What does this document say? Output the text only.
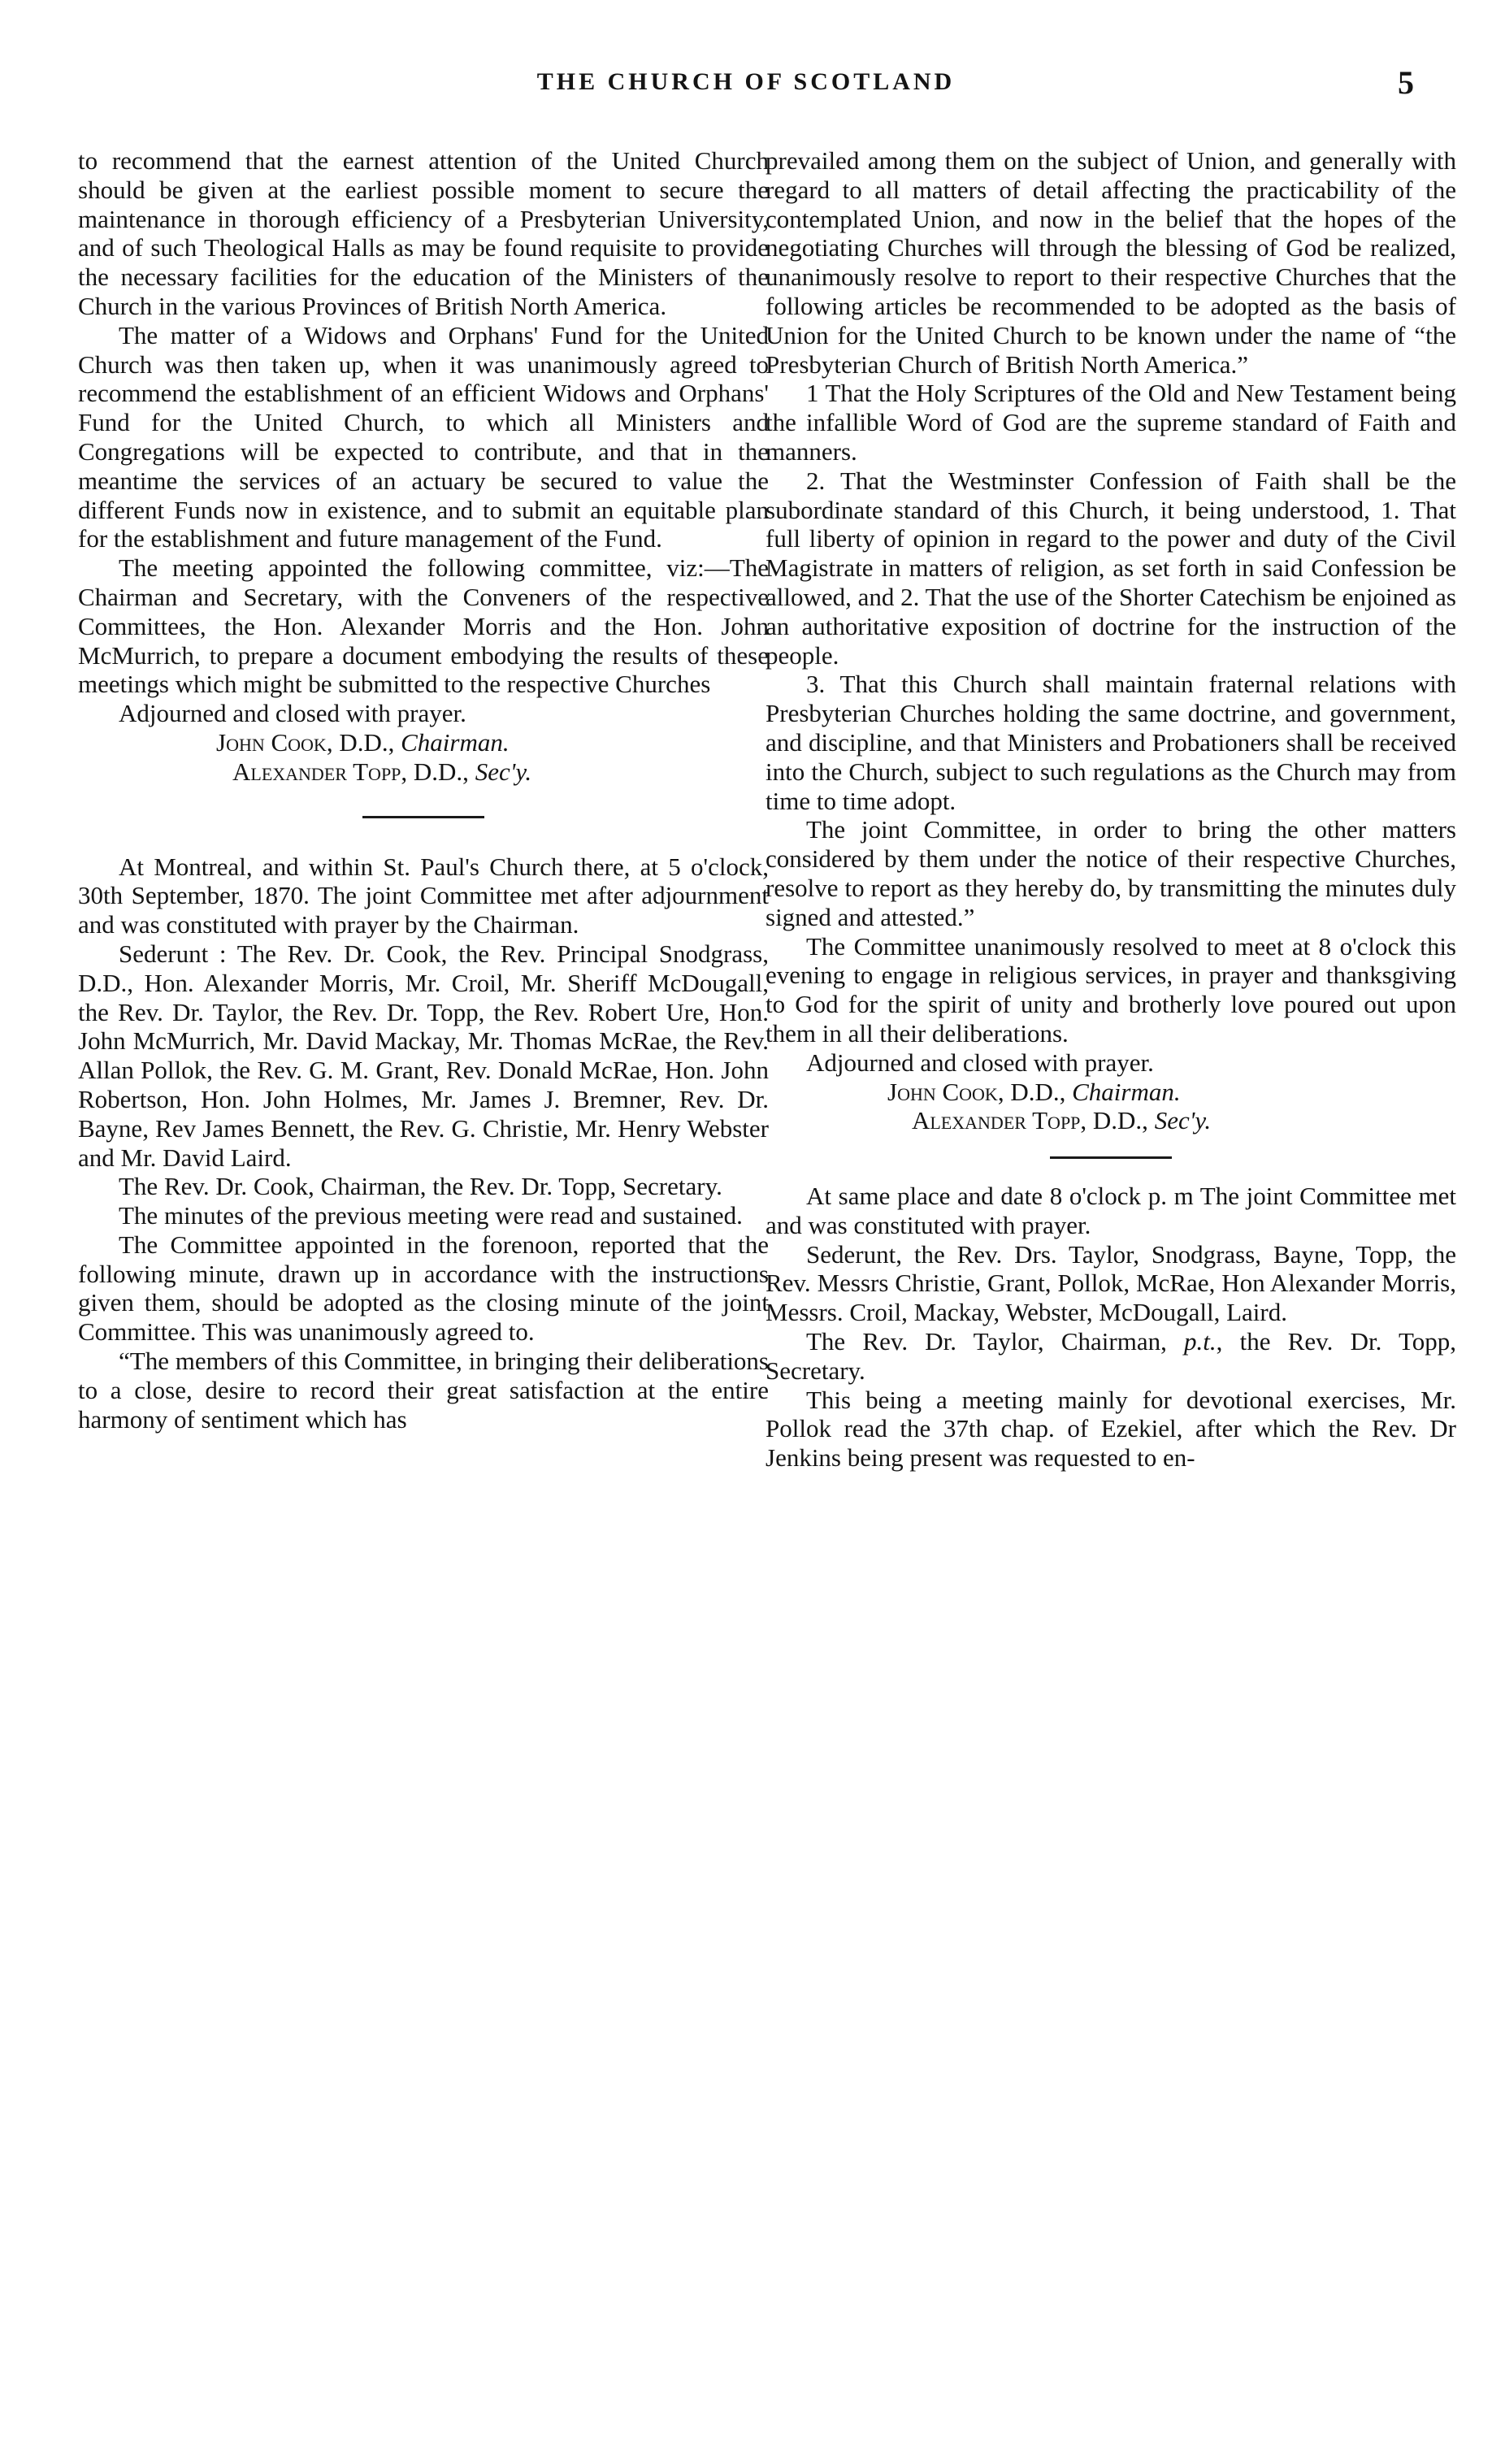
THE CHURCH OF SCOTLAND	5

to recommend that the earnest attention of the United Church should be given at the earliest possible moment to secure the maintenance in thorough efficiency of a Presbyterian University, and of such Theological Halls as may be found requisite to provide the necessary facilities for the education of the Ministers of the Church in the various Provinces of British North America.

The matter of a Widows and Orphans' Fund for the United Church was then taken up, when it was unanimously agreed to recommend the establishment of an efficient Widows and Orphans' Fund for the United Church, to which all Ministers and Congregations will be expected to contribute, and that in the meantime the services of an actuary be secured to value the different Funds now in existence, and to submit an equitable plan for the establishment and future management of the Fund.

The meeting appointed the following committee, viz:—The Chairman and Secretary, with the Conveners of the respective Committees, the Hon. Alexander Morris and the Hon. John McMurrich, to prepare a document embodying the results of these meetings which might be submitted to the respective Churches

Adjourned and closed with prayer.

John Cook, D.D., Chairman.
Alexander Topp, D.D., Sec'y.

At Montreal, and within St. Paul's Church there, at 5 o'clock, 30th September, 1870. The joint Committee met after adjournment and was constituted with prayer by the Chairman.

Sederunt : The Rev. Dr. Cook, the Rev. Principal Snodgrass, D.D., Hon. Alexander Morris, Mr. Croil, Mr. Sheriff McDougall, the Rev. Dr. Taylor, the Rev. Dr. Topp, the Rev. Robert Ure, Hon. John McMurrich, Mr. David Mackay, Mr. Thomas McRae, the Rev. Allan Pollok, the Rev. G. M. Grant, Rev. Donald McRae, Hon. John Robertson, Hon. John Holmes, Mr. James J. Bremner, Rev. Dr. Bayne, Rev James Bennett, the Rev. G. Christie, Mr. Henry Webster and Mr. David Laird.

The Rev. Dr. Cook, Chairman, the Rev. Dr. Topp, Secretary.

The minutes of the previous meeting were read and sustained.

The Committee appointed in the forenoon, reported that the following minute, drawn up in accordance with the instructions given them, should be adopted as the closing minute of the joint Committee. This was unanimously agreed to.

“The members of this Committee, in bringing their deliberations to a close, desire to record their great satisfaction at the entire harmony of sentiment which has

prevailed among them on the subject of Union, and generally with regard to all matters of detail affecting the practicability of the contemplated Union, and now in the belief that the hopes of the negotiating Churches will through the blessing of God be realized, unanimously resolve to report to their respective Churches that the following articles be recommended to be adopted as the basis of Union for the United Church to be known under the name of “the Presbyterian Church of British North America.”

1 That the Holy Scriptures of the Old and New Testament being the infallible Word of God are the supreme standard of Faith and manners.

2. That the Westminster Confession of Faith shall be the subordinate standard of this Church, it being understood, 1. That full liberty of opinion in regard to the power and duty of the Civil Magistrate in matters of religion, as set forth in said Confession be allowed, and 2. That the use of the Shorter Catechism be enjoined as an authoritative exposition of doctrine for the instruction of the people.

3. That this Church shall maintain fraternal relations with Presbyterian Churches holding the same doctrine, and government, and discipline, and that Ministers and Probationers shall be received into the Church, subject to such regulations as the Church may from time to time adopt.

The joint Committee, in order to bring the other matters considered by them under the notice of their respective Churches, resolve to report as they hereby do, by transmitting the minutes duly signed and attested.”

The Committee unanimously resolved to meet at 8 o'clock this evening to engage in religious services, in prayer and thanksgiving to God for the spirit of unity and brotherly love poured out upon them in all their deliberations.

Adjourned and closed with prayer.

John Cook, D.D., Chairman.
Alexander Topp, D.D., Sec'y.

At same place and date 8 o'clock p. m The joint Committee met and was constituted with prayer.

Sederunt, the Rev. Drs. Taylor, Snodgrass, Bayne, Topp, the Rev. Messrs Christie, Grant, Pollok, McRae, Hon Alexander Morris, Messrs. Croil, Mackay, Webster, McDougall, Laird.

The Rev. Dr. Taylor, Chairman, p.t., the Rev. Dr. Topp, Secretary.

This being a meeting mainly for devotional exercises, Mr. Pollok read the 37th chap. of Ezekiel, after which the Rev. Dr Jenkins being present was requested to en-
